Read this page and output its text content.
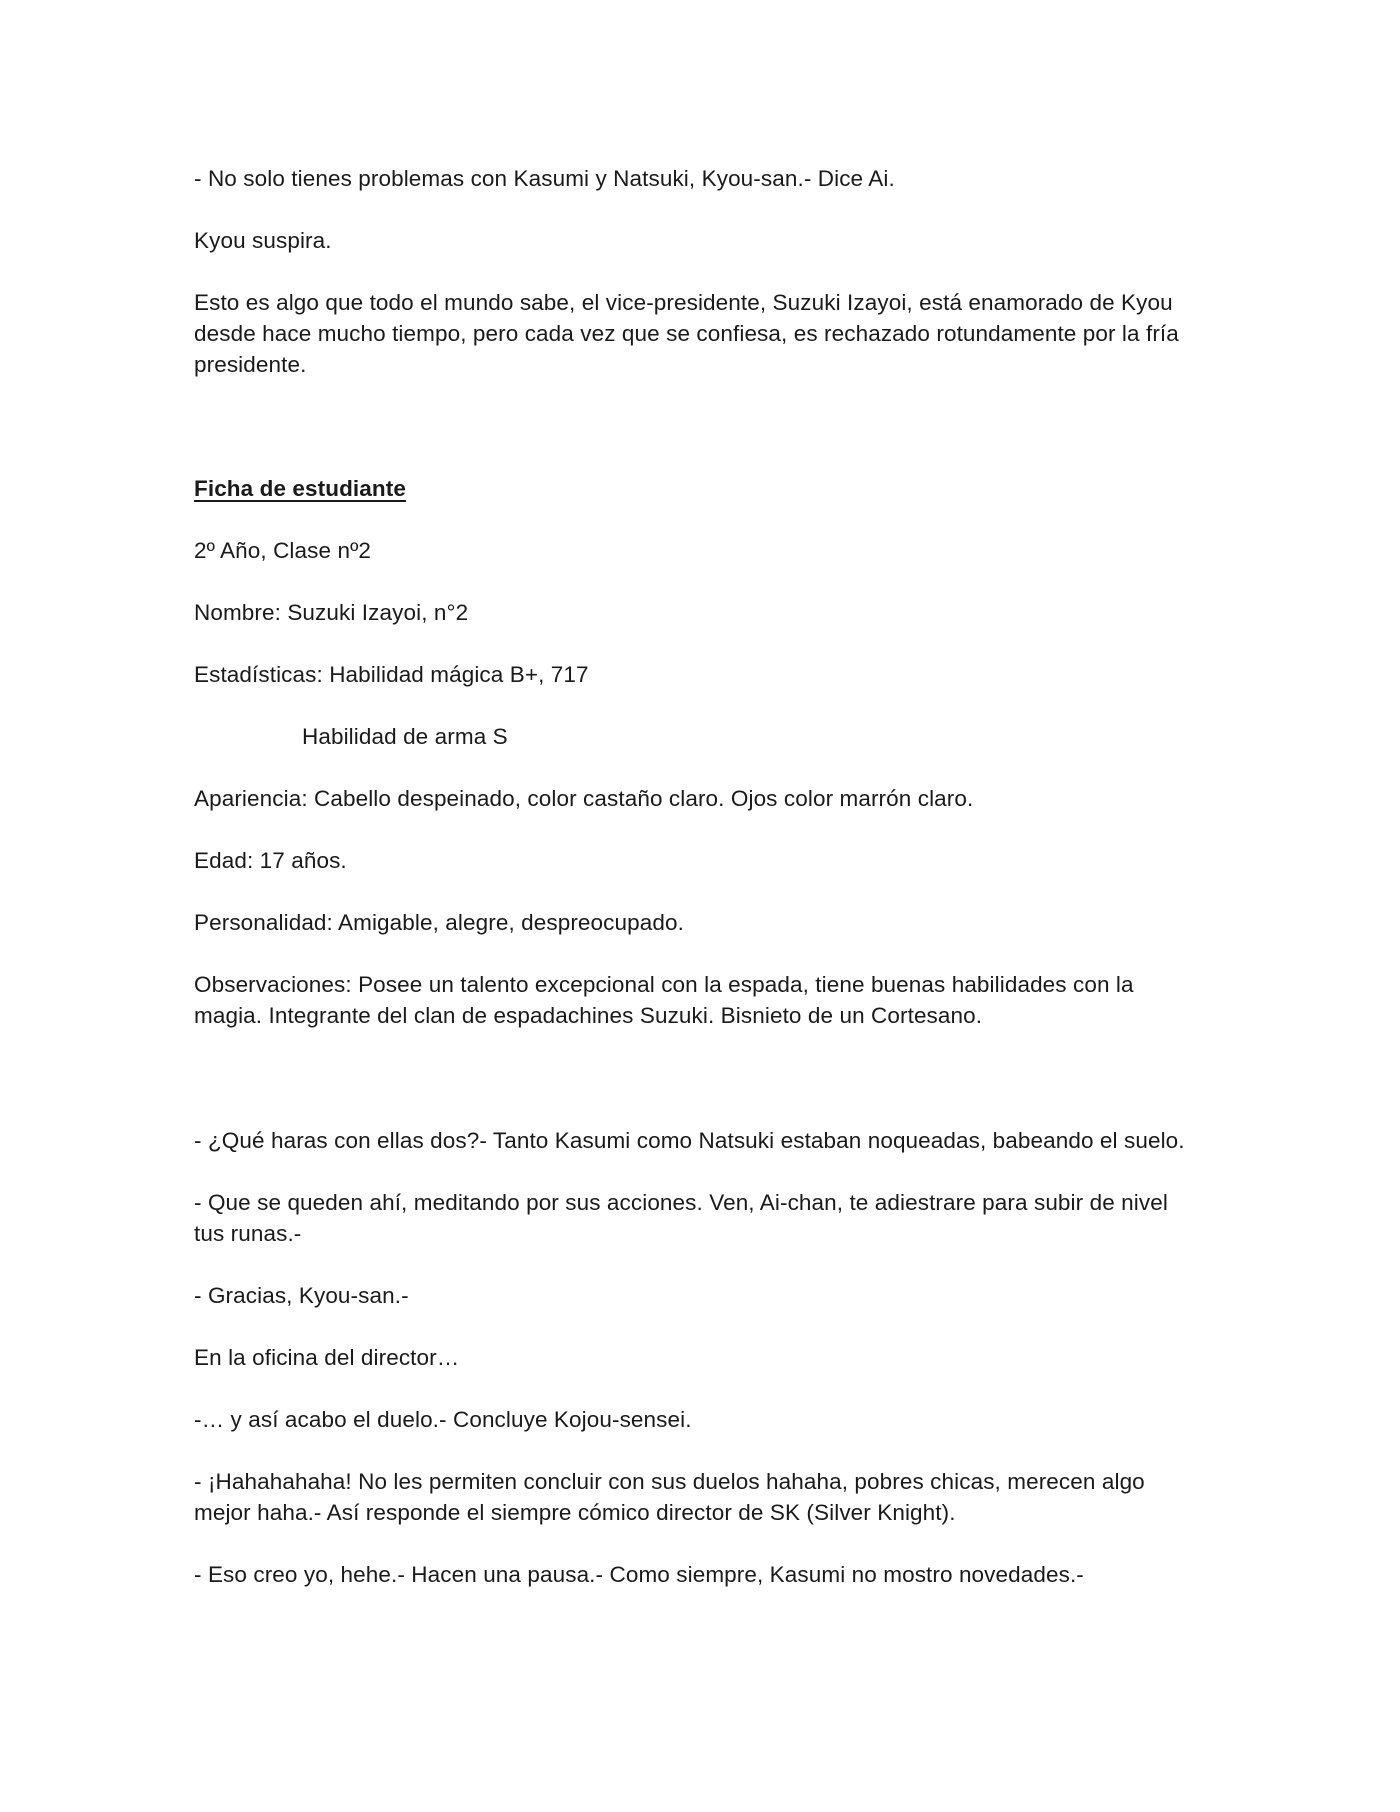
- No solo tienes problemas con Kasumi y Natsuki, Kyou-san.- Dice Ai.

Kyou suspira.

Esto es algo que todo el mundo sabe, el vice-presidente, Suzuki Izayoi, está enamorado de Kyou desde hace mucho tiempo, pero cada vez que se confiesa, es rechazado rotundamente por la fría presidente.

Ficha de estudiante

2º Año, Clase nº2

Nombre: Suzuki Izayoi, n°2

Estadísticas: Habilidad mágica B+, 717

Habilidad de arma S

Apariencia: Cabello despeinado, color castaño claro. Ojos color marrón claro.

Edad: 17 años.

Personalidad: Amigable, alegre, despreocupado.

Observaciones: Posee un talento excepcional con la espada, tiene buenas habilidades con la magia. Integrante del clan de espadachines Suzuki. Bisnieto de un Cortesano.

- ¿Qué haras con ellas dos?- Tanto Kasumi como Natsuki estaban noqueadas, babeando el suelo.

- Que se queden ahí, meditando por sus acciones. Ven, Ai-chan, te adiestrare para subir de nivel tus runas.-

- Gracias, Kyou-san.-

En la oficina del director…

-… y así acabo el duelo.- Concluye Kojou-sensei.

- ¡Hahahahaha! No les permiten concluir con sus duelos hahaha, pobres chicas, merecen algo mejor haha.- Así responde el siempre cómico director de SK (Silver Knight).

- Eso creo yo, hehe.- Hacen una pausa.- Como siempre, Kasumi no mostro novedades.-
